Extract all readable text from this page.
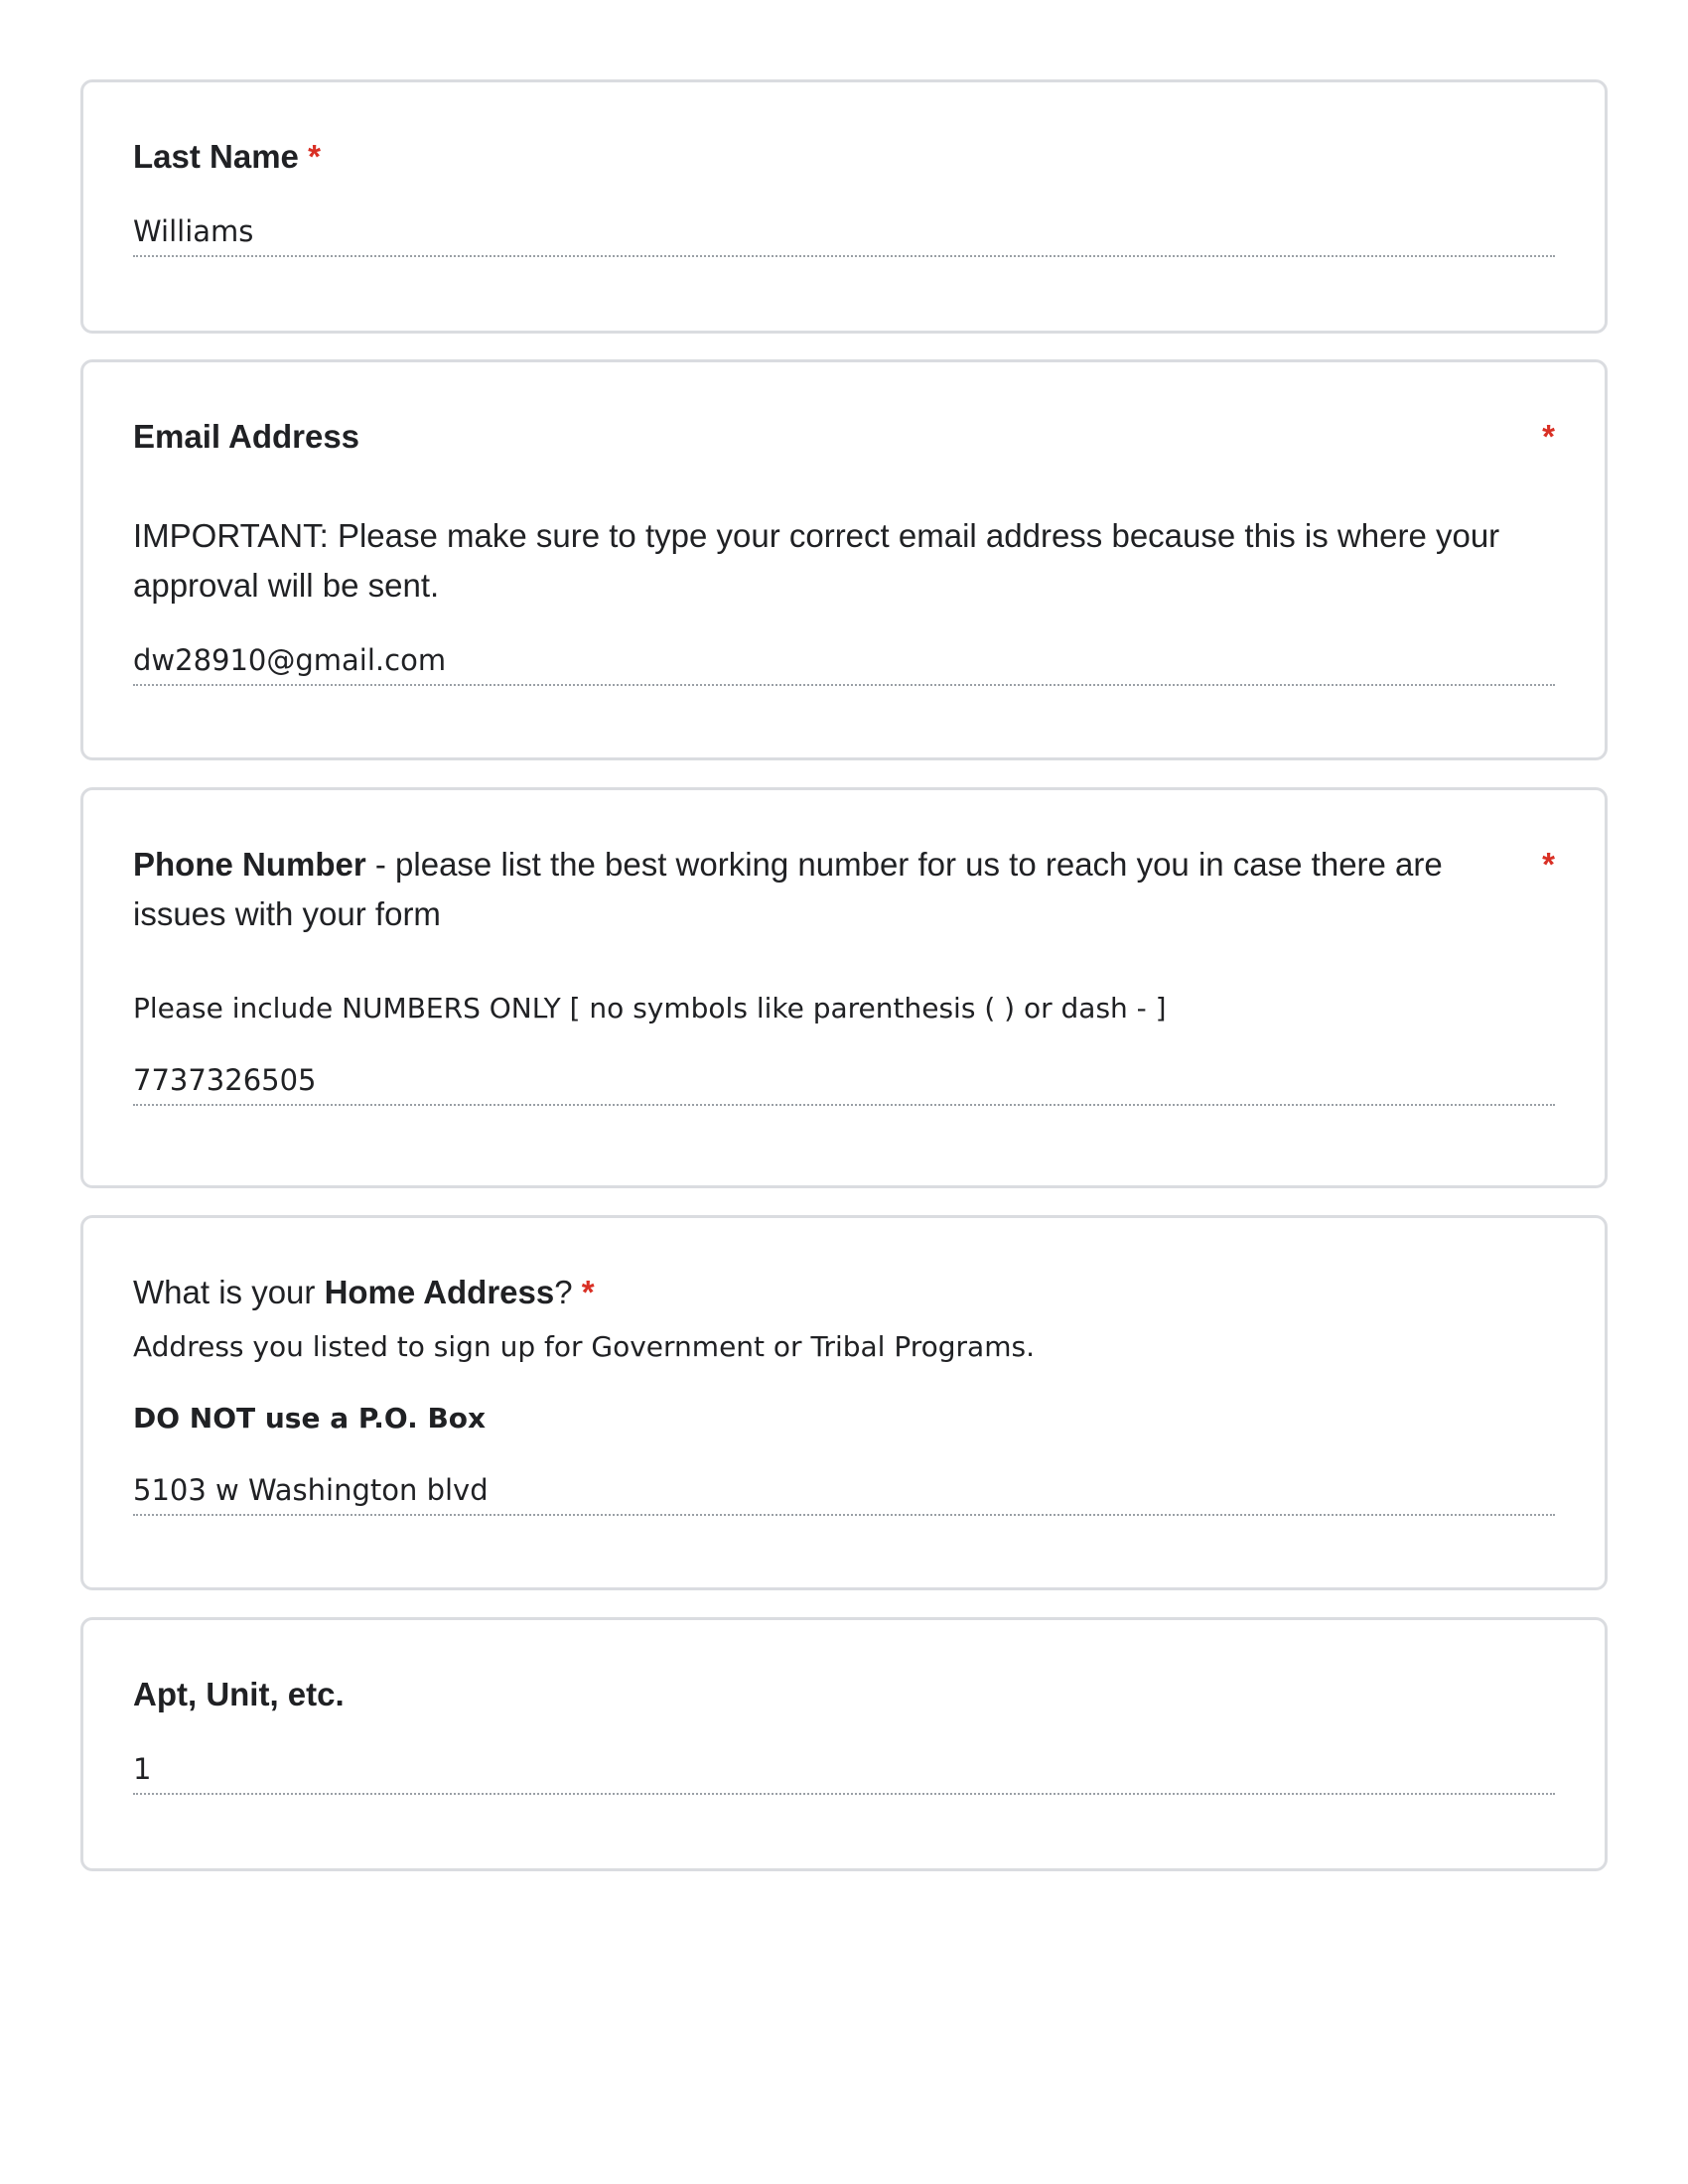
Last Name *
Williams
Email Address	*
IMPORTANT: Please make sure to type your correct email address because this is where your approval will be sent.
dw28910@gmail.com
Phone Number - please list the best working number for us to reach you in case there are issues with your form
*
Please include NUMBERS ONLY [ no symbols like parenthesis ( ) or dash - ]
7737326505
What is your Home Address? *
Address you listed to sign up for Government or Tribal Programs.
DO NOT use a P.O. Box
5103 w Washington blvd
Apt, Unit, etc.
1
